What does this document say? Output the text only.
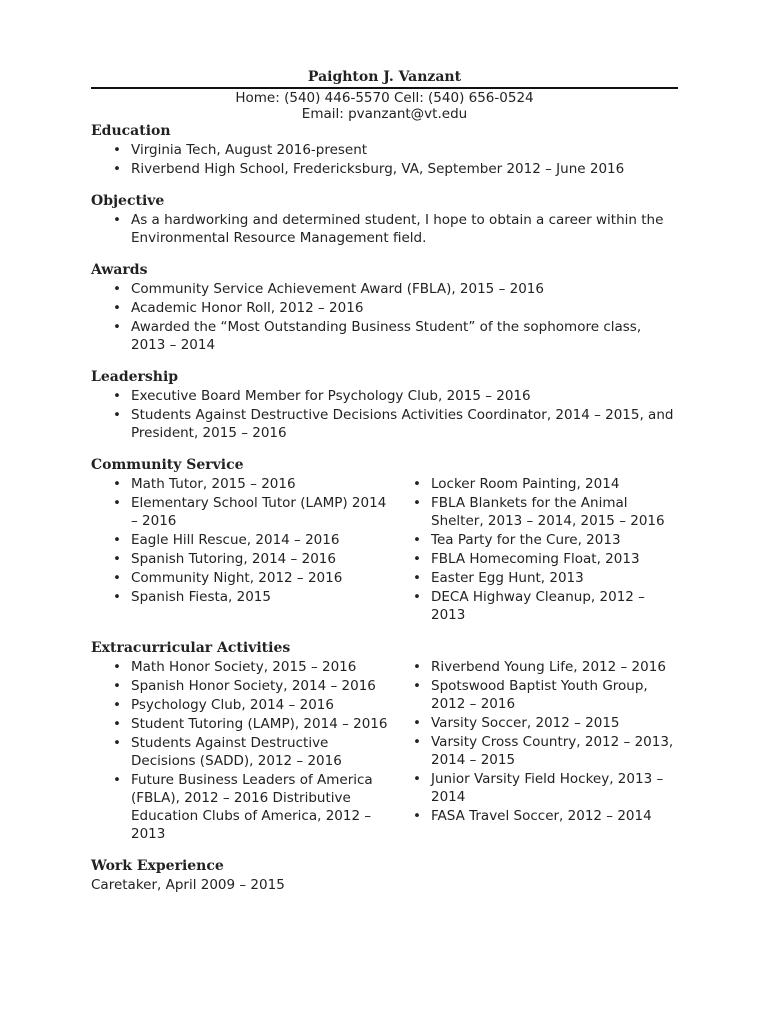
Paighton J. Vanzant
Home: (540) 446-5570 Cell: (540) 656-0524
Email: pvanzant@vt.edu
Education
• Virginia Tech, August 2016-present
• Riverbend High School, Fredericksburg, VA, September 2012 – June 2016
Objective
• As a hardworking and determined student, I hope to obtain a career within the Environmental Resource Management field.
Awards
• Community Service Achievement Award (FBLA), 2015 – 2016
• Academic Honor Roll, 2012 – 2016
• Awarded the “Most Outstanding Business Student” of the sophomore class, 2013 – 2014
Leadership
• Executive Board Member for Psychology Club, 2015 – 2016
• Students Against Destructive Decisions Activities Coordinator, 2014 – 2015, and President, 2015 – 2016
Community Service
• Math Tutor, 2015 – 2016
• Elementary School Tutor (LAMP) 2014 – 2016
• Eagle Hill Rescue, 2014 – 2016
• Spanish Tutoring, 2014 – 2016
• Community Night, 2012 – 2016
• Spanish Fiesta, 2015
• Locker Room Painting, 2014
• FBLA Blankets for the Animal Shelter, 2013 – 2014, 2015 – 2016
• Tea Party for the Cure, 2013
• FBLA Homecoming Float, 2013
• Easter Egg Hunt, 2013
• DECA Highway Cleanup, 2012 – 2013
Extracurricular Activities
• Math Honor Society, 2015 – 2016
• Spanish Honor Society, 2014 – 2016
• Psychology Club, 2014 – 2016
• Student Tutoring (LAMP), 2014 – 2016
• Students Against Destructive Decisions (SADD), 2012 – 2016
• Future Business Leaders of America (FBLA), 2012 – 2016 Distributive Education Clubs of America, 2012 – 2013
• Riverbend Young Life, 2012 – 2016
• Spotswood Baptist Youth Group, 2012 – 2016
• Varsity Soccer, 2012 – 2015
• Varsity Cross Country, 2012 – 2013, 2014 – 2015
• Junior Varsity Field Hockey, 2013 – 2014
• FASA Travel Soccer, 2012 – 2014
Work Experience
Caretaker, April 2009 – 2015
